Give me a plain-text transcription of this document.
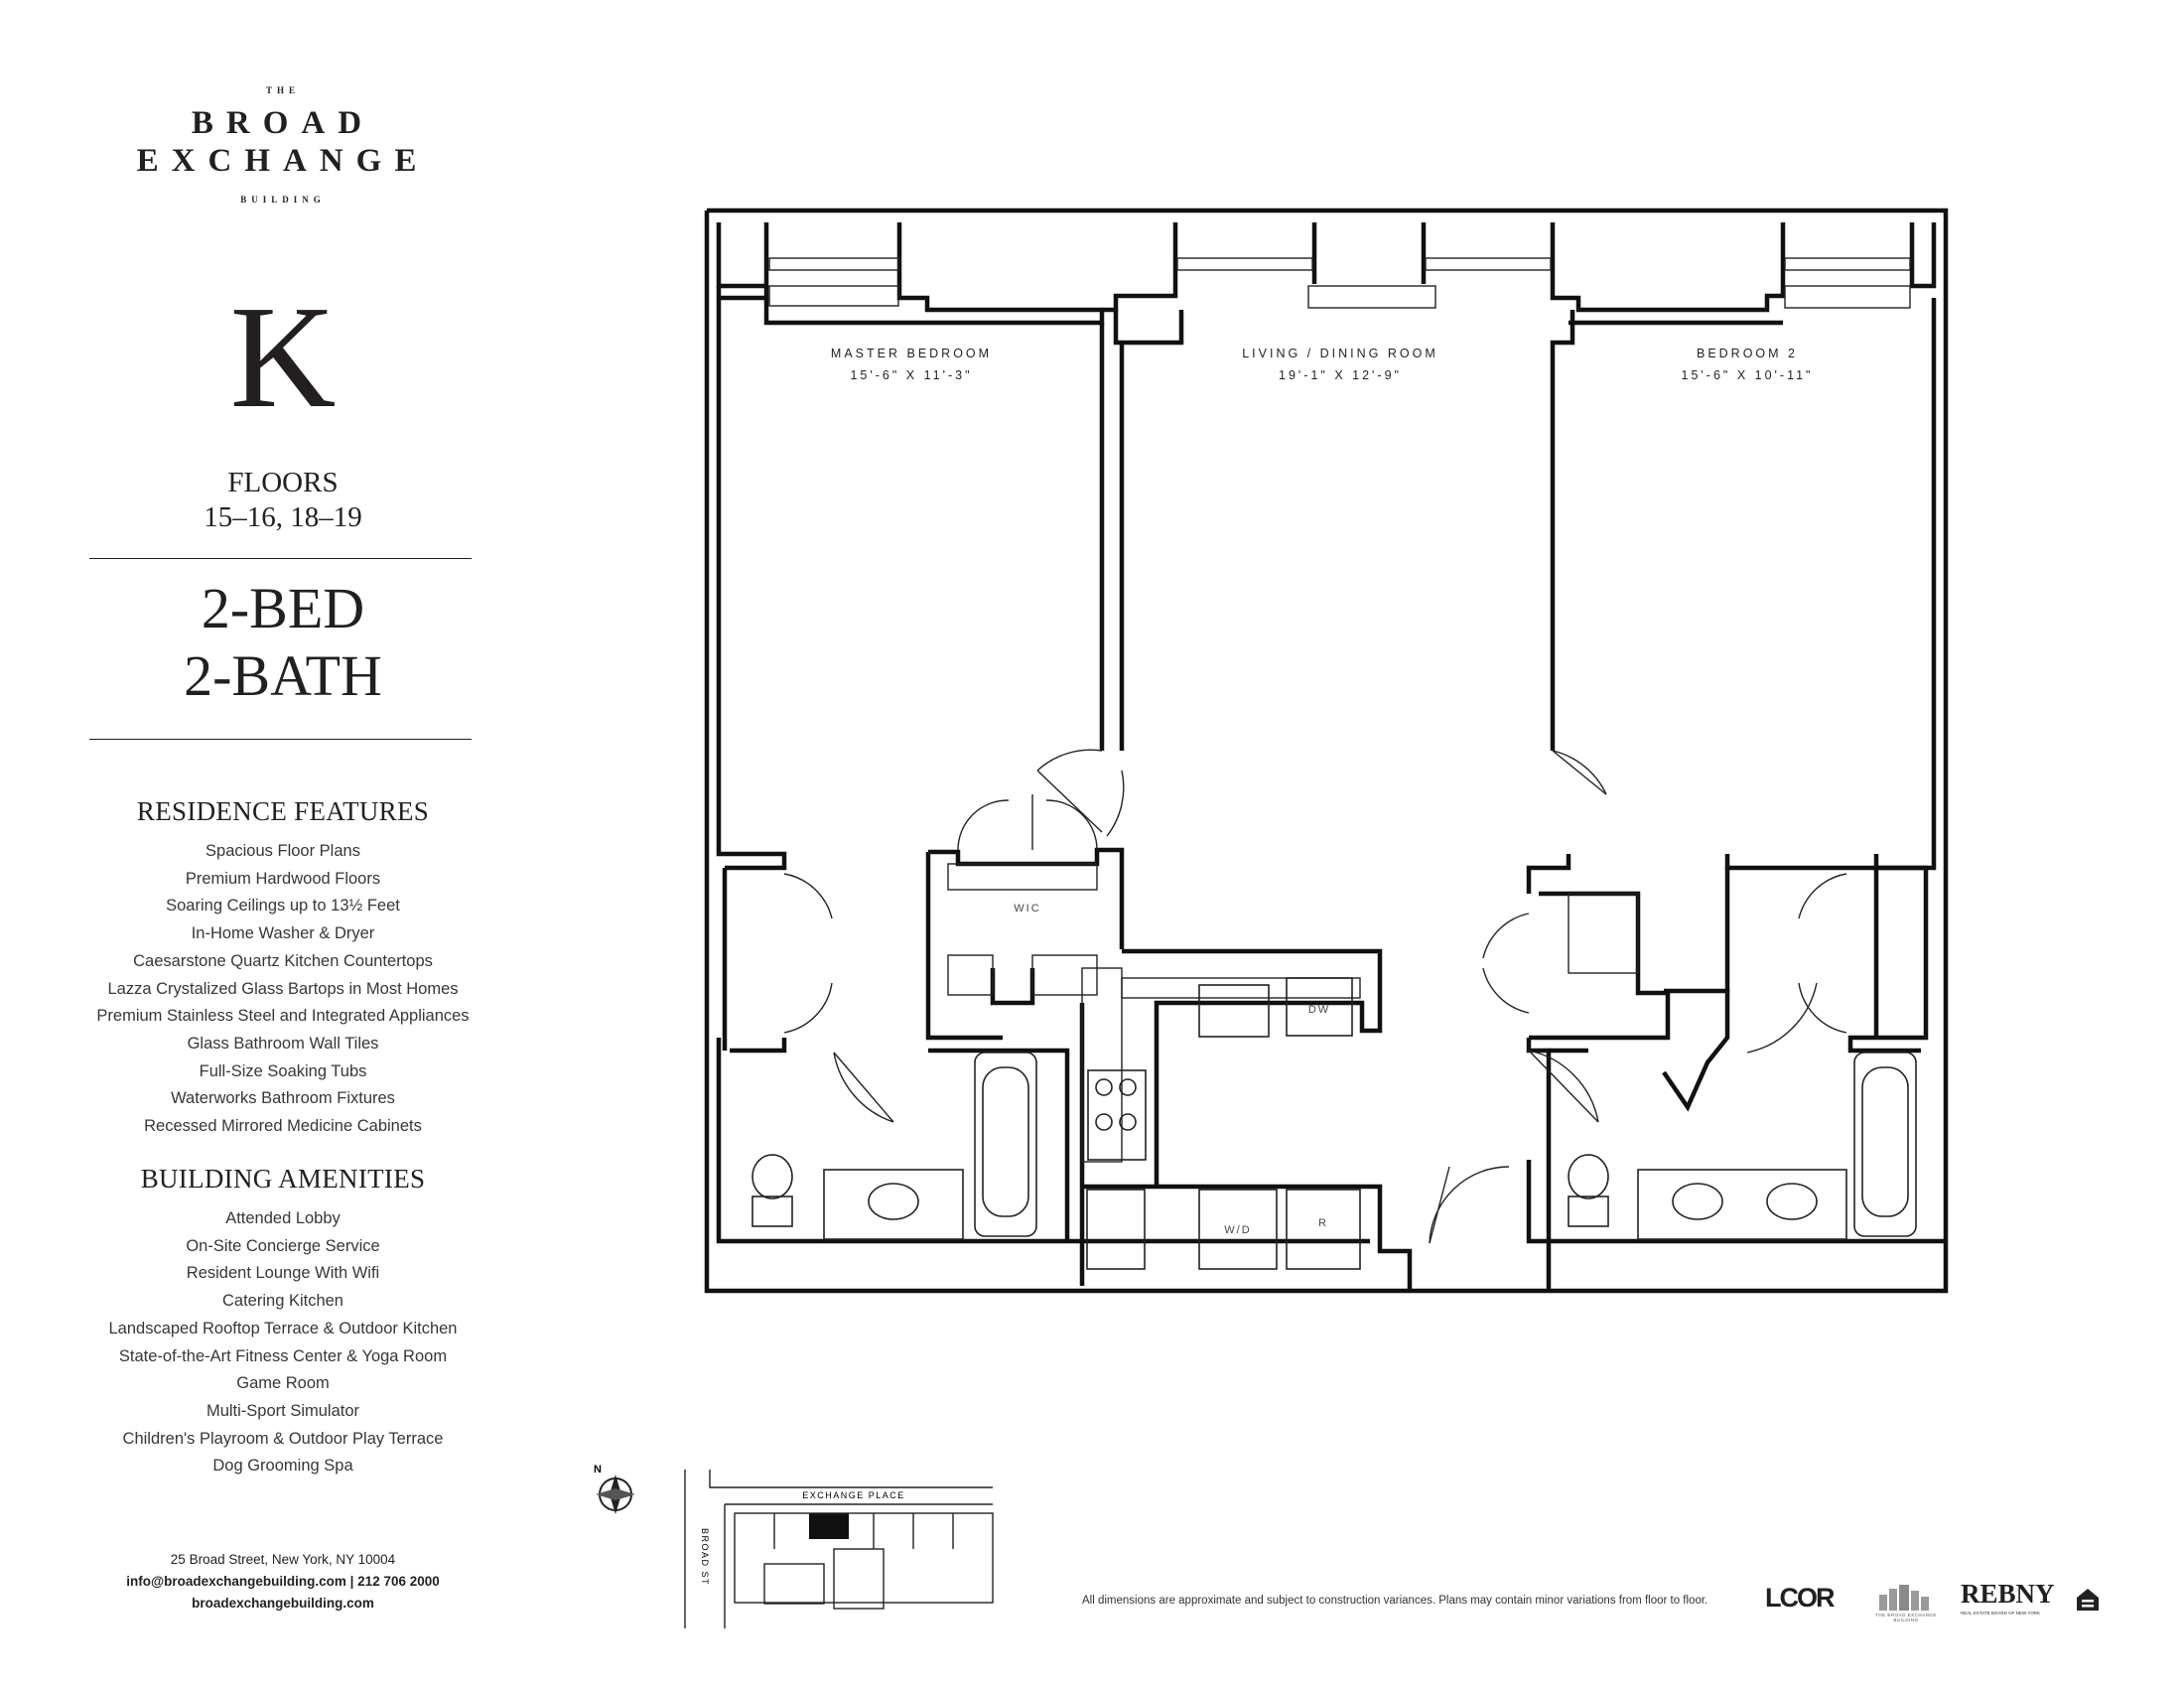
THE
BROAD
EXCHANGE
BUILDING
K
FLOORS
15–16, 18–19
2-BED
2-BATH
RESIDENCE FEATURES
Spacious Floor Plans
Premium Hardwood Floors
Soaring Ceilings up to 13½ Feet
In-Home Washer & Dryer
Caesarstone Quartz Kitchen Countertops
Lazza Crystalized Glass Bartops in Most Homes
Premium Stainless Steel and Integrated Appliances
Glass Bathroom Wall Tiles
Full-Size Soaking Tubs
Waterworks Bathroom Fixtures
Recessed Mirrored Medicine Cabinets
BUILDING AMENITIES
Attended Lobby
On-Site Concierge Service
Resident Lounge With Wifi
Catering Kitchen
Landscaped Rooftop Terrace & Outdoor Kitchen
State-of-the-Art Fitness Center & Yoga Room
Game Room
Multi-Sport Simulator
Children's Playroom & Outdoor Play Terrace
Dog Grooming Spa
25 Broad Street, New York, NY 10004
info@broadexchangebuilding.com | 212 706 2000
broadexchangebuilding.com
MASTER BEDROOM
15'-6" X 11'-3"
LIVING / DINING ROOM
19'-1" X 12'-9"
BEDROOM 2
15'-6" X 10'-11"
WIC
DW
W/D
R
N
EXCHANGE PLACE
BROAD ST
All dimensions are approximate and subject to construction variances. Plans may contain minor variations from floor to floor. LCOR
THE BROAD EXCHANGE BUILDING
REBNY
REAL ESTATE BOARD OF NEW YORK
